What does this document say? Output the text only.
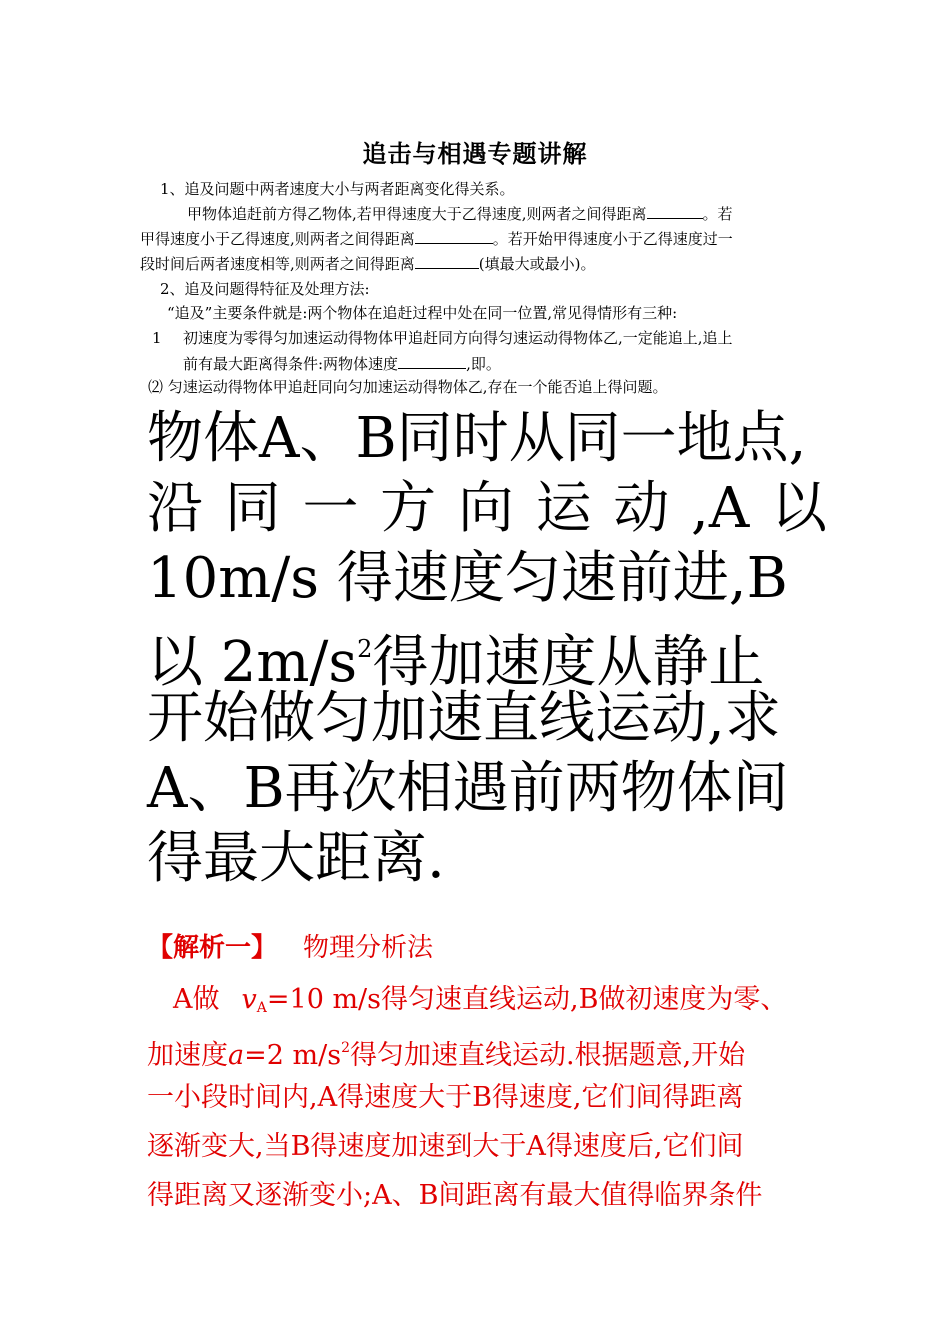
追击与相遇专题讲解
1、追及问题中两者速度大小与两者距离变化得关系。
甲物体追赶前方得乙物体,若甲得速度大于乙得速度,则两者之间得距离	。若
甲得速度小于乙得速度,则两者之间得距离	。若开始甲得速度小于乙得速度过一
段时间后两者速度相等,则两者之间得距离	(填最大或最小)。
2、追及问题得特征及处理方法:
“追及”主要条件就是:两个物体在追赶过程中处在同一位置,常见得情形有三种:
1 初速度为零得匀加速运动得物体甲追赶同方向得匀速运动得物体乙,一定能追上,追上
前有最大距离得条件:两物体速度	,即。
⑵ 匀速运动得物体甲追赶同向匀加速运动得物体乙,存在一个能否追上得问题。
物体A、B同时从同一地点,
沿 同 一 方 向 运 动 ,A 以
10m/s 得速度匀速前进,B
以 $2m/s^2$得加速度从静止
开始做匀加速直线运动,求
A、B再次相遇前两物体间
得最大距离.
【解析一】 物理分析法
A做 $v_A=10$ m/s得匀速直线运动,B做初速度为零、
加速度a=2 $m/s^2$得匀加速直线运动.根据题意,开始
一小段时间内,A得速度大于B得速度,它们间得距离
逐渐变大,当B得速度加速到大于A得速度后,它们间
得距离又逐渐变小;A、B间距离有最大值得临界条件
